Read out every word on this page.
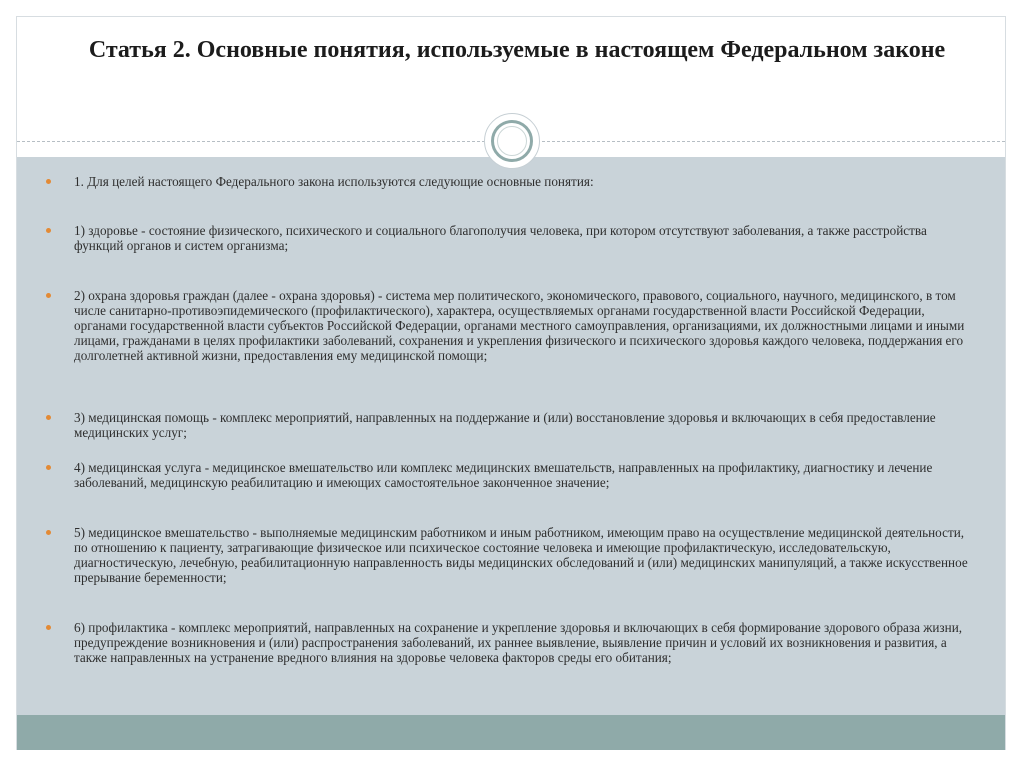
Статья 2. Основные понятия, используемые в настоящем Федеральном законе
1. Для целей настоящего Федерального закона используются следующие основные понятия:
1) здоровье - состояние физического, психического и социального благополучия человека, при котором отсутствуют заболевания, а также расстройства функций органов и систем организма;
2) охрана здоровья граждан (далее - охрана здоровья) - система мер политического, экономического, правового, социального, научного, медицинского, в том числе санитарно-противоэпидемического (профилактического), характера, осуществляемых органами государственной власти Российской Федерации, органами государственной власти субъектов Российской Федерации, органами местного самоуправления, организациями, их должностными лицами и иными лицами, гражданами в целях профилактики заболеваний, сохранения и укрепления физического и психического здоровья каждого человека, поддержания его долголетней активной жизни, предоставления ему медицинской помощи;
3) медицинская помощь - комплекс мероприятий, направленных на поддержание и (или) восстановление здоровья и включающих в себя предоставление медицинских услуг;
4) медицинская услуга - медицинское вмешательство или комплекс медицинских вмешательств, направленных на профилактику, диагностику и лечение заболеваний, медицинскую реабилитацию и имеющих самостоятельное законченное значение;
5) медицинское вмешательство - выполняемые медицинским работником и иным работником, имеющим право на осуществление медицинской деятельности, по отношению к пациенту, затрагивающие физическое или психическое состояние человека и имеющие профилактическую, исследовательскую, диагностическую, лечебную, реабилитационную направленность виды медицинских обследований и (или) медицинских манипуляций, а также искусственное прерывание беременности;
6) профилактика - комплекс мероприятий, направленных на сохранение и укрепление здоровья и включающих в себя формирование здорового образа жизни, предупреждение возникновения и (или) распространения заболеваний, их раннее выявление, выявление причин и условий их возникновения и развития, а также направленных на устранение вредного влияния на здоровье человека факторов среды его обитания;
